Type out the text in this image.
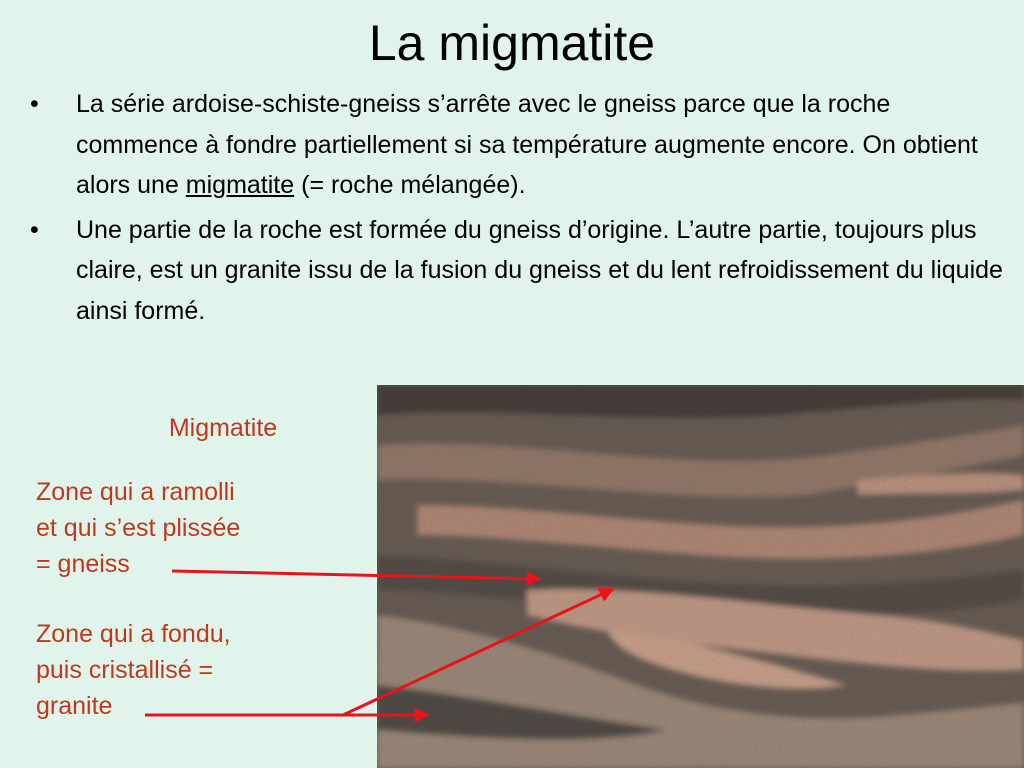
La migmatite
• La série ardoise-schiste-gneiss s’arrête avec le gneiss parce que la roche commence à fondre partiellement si sa température augmente encore. On obtient alors une migmatite (= roche mélangée).
• Une partie de la roche est formée du gneiss d’origine. L’autre partie, toujours plus claire, est un granite issu de la fusion du gneiss et du lent refroidissement du liquide ainsi formé.
Migmatite
Zone qui a ramolli
et qui s’est plissée
= gneiss
Zone qui a fondu,
puis cristallisé =
granite
